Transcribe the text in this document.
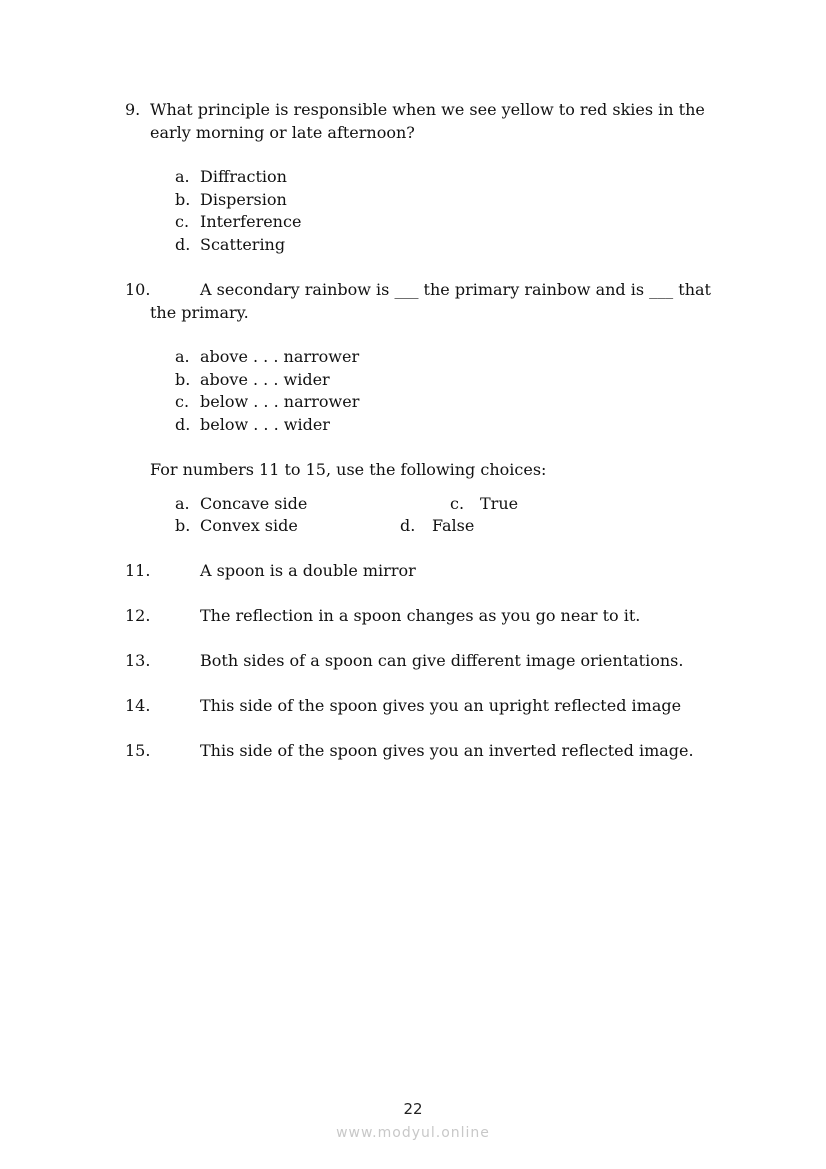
9. What principle is responsible when we see yellow to red skies in the
early morning or late afternoon?
a. Diffraction
b. Dispersion
c. Interference
d. Scattering
10.	A secondary rainbow is ___ the primary rainbow and is ___ that
the primary.
a. above . . . narrower
b. above . . . wider
c. below . . . narrower
d. below . . . wider
For numbers 11 to 15, use the following choices:
a. Concave side	c. True
b. Convex side	d. False
11.	A spoon is a double mirror
12.	The reflection in a spoon changes as you go near to it.
13.	Both sides of a spoon can give different image orientations.
14.	This side of the spoon gives you an upright reflected image
15.	This side of the spoon gives you an inverted reflected image.
22
www.modyul.online
